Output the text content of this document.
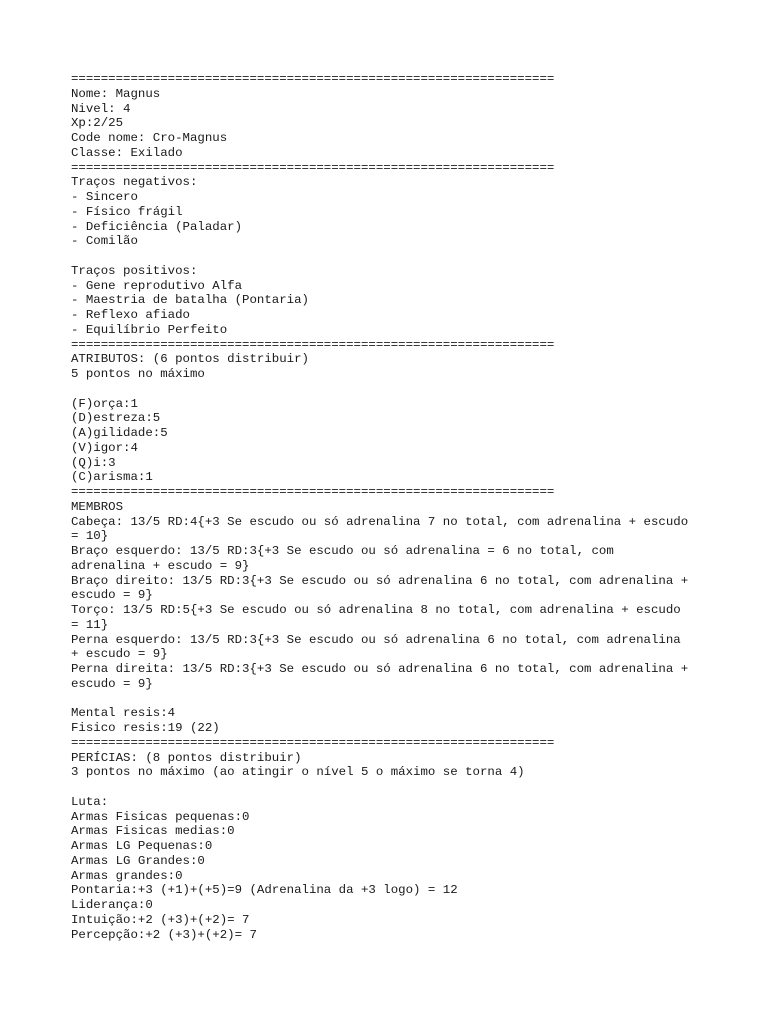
=================================================================
Nome: Magnus
Nivel: 4
Xp:2/25
Code nome: Cro-Magnus
Classe: Exilado
=================================================================
Traços negativos:
- Sincero
- Físico frágil
- Deficiência (Paladar)
- Comilão
Traços positivos:
- Gene reprodutivo Alfa
- Maestria de batalha (Pontaria)
- Reflexo afiado
- Equilíbrio Perfeito
=================================================================
ATRIBUTOS: (6 pontos distribuir)
5 pontos no máximo
(F)orça:1
(D)estreza:5
(A)gilidade:5
(V)igor:4
(Q)i:3
(C)arisma:1
=================================================================
MEMBROS
Cabeça: 13/5 RD:4{+3 Se escudo ou só adrenalina 7 no total, com adrenalina + escudo
= 10}
Braço esquerdo: 13/5 RD:3{+3 Se escudo ou só adrenalina = 6 no total, com
adrenalina + escudo = 9}
Braço direito: 13/5 RD:3{+3 Se escudo ou só adrenalina 6 no total, com adrenalina +
escudo = 9}
Torço: 13/5 RD:5{+3 Se escudo ou só adrenalina 8 no total, com adrenalina + escudo
= 11}
Perna esquerdo: 13/5 RD:3{+3 Se escudo ou só adrenalina 6 no total, com adrenalina
+ escudo = 9}
Perna direita: 13/5 RD:3{+3 Se escudo ou só adrenalina 6 no total, com adrenalina +
escudo = 9}
Mental resis:4
Fisico resis:19 (22)
=================================================================
PERÍCIAS: (8 pontos distribuir)
3 pontos no máximo (ao atingir o nível 5 o máximo se torna 4)
Luta:
Armas Fisicas pequenas:0
Armas Fisicas medias:0
Armas LG Pequenas:0
Armas LG Grandes:0
Armas grandes:0
Pontaria:+3 (+1)+(+5)=9 (Adrenalina da +3 logo) = 12
Liderança:0
Intuição:+2 (+3)+(+2)= 7
Percepção:+2 (+3)+(+2)= 7
